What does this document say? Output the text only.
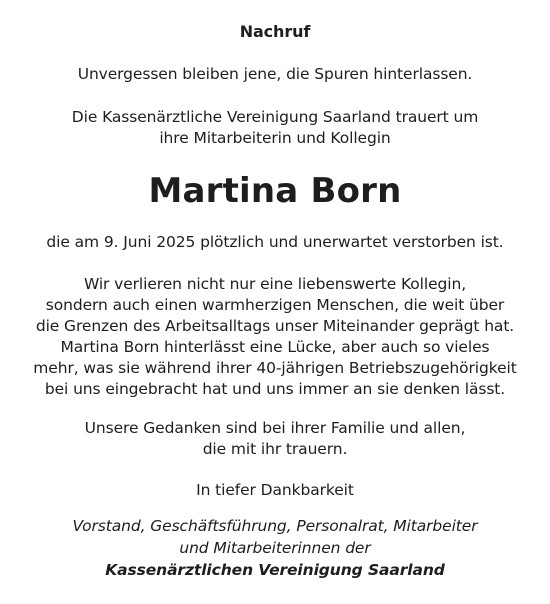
Nachruf
Unvergessen bleiben jene, die Spuren hinterlassen.
Die Kassenärztliche Vereinigung Saarland trauert um
ihre Mitarbeiterin und Kollegin
Martina Born
die am 9. Juni 2025 plötzlich und unerwartet verstorben ist.
Wir verlieren nicht nur eine liebenswerte Kollegin,
sondern auch einen warmherzigen Menschen, die weit über
die Grenzen des Arbeitsalltags unser Miteinander geprägt hat.
Martina Born hinterlässt eine Lücke, aber auch so vieles
mehr, was sie während ihrer 40-jährigen Betriebszugehörigkeit
bei uns eingebracht hat und uns immer an sie denken lässt.
Unsere Gedanken sind bei ihrer Familie und allen,
die mit ihr trauern.
In tiefer Dankbarkeit
Vorstand, Geschäftsführung, Personalrat, Mitarbeiter
und Mitarbeiterinnen der
Kassenärztlichen Vereinigung Saarland
